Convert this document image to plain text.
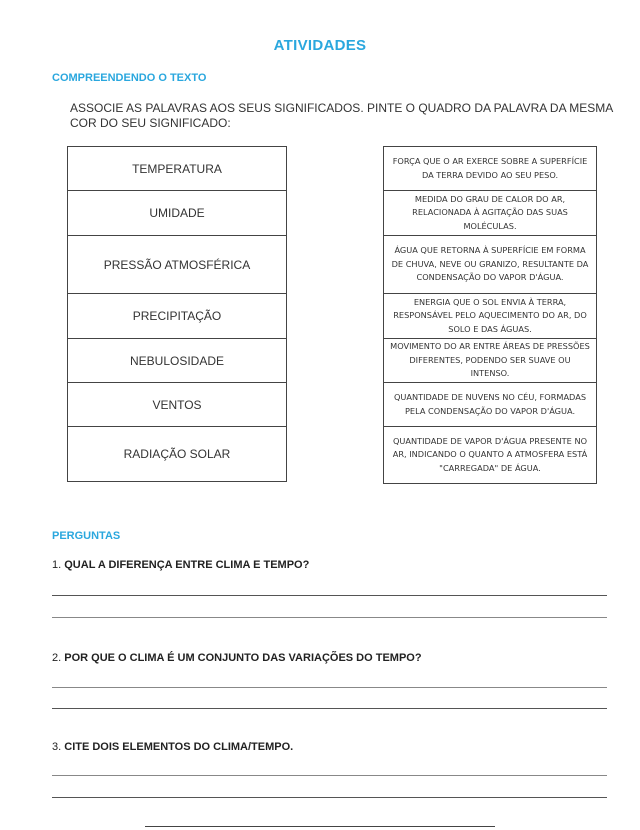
ATIVIDADES
COMPREENDENDO O TEXTO
ASSOCIE AS PALAVRAS AOS SEUS SIGNIFICADOS. PINTE O QUADRO DA PALAVRA DA MESMA COR DO SEU SIGNIFICADO:
TEMPERATURA
UMIDADE
PRESSÃO ATMOSFÉRICA
PRECIPITAÇÃO
NEBULOSIDADE
VENTOS
RADIAÇÃO SOLAR
FORÇA QUE O AR EXERCE SOBRE A SUPERFÍCIE DA TERRA DEVIDO AO SEU PESO.
MEDIDA DO GRAU DE CALOR DO AR, RELACIONADA À AGITAÇÃO DAS SUAS MOLÉCULAS.
ÁGUA QUE RETORNA À SUPERFÍCIE EM FORMA DE CHUVA, NEVE OU GRANIZO, RESULTANTE DA CONDENSAÇÃO DO VAPOR D'ÁGUA.
ENERGIA QUE O SOL ENVIA À TERRA, RESPONSÁVEL PELO AQUECIMENTO DO AR, DO SOLO E DAS ÁGUAS.
MOVIMENTO DO AR ENTRE ÁREAS DE PRESSÕES DIFERENTES, PODENDO SER SUAVE OU INTENSO.
QUANTIDADE DE NUVENS NO CÉU, FORMADAS PELA CONDENSAÇÃO DO VAPOR D'ÁGUA.
QUANTIDADE DE VAPOR D'ÁGUA PRESENTE NO AR, INDICANDO O QUANTO A ATMOSFERA ESTÁ "CARREGADA" DE ÁGUA.
PERGUNTAS
1. QUAL A DIFERENÇA ENTRE CLIMA E TEMPO?
2. POR QUE O CLIMA É UM CONJUNTO DAS VARIAÇÕES DO TEMPO?
3. CITE DOIS ELEMENTOS DO CLIMA/TEMPO.
